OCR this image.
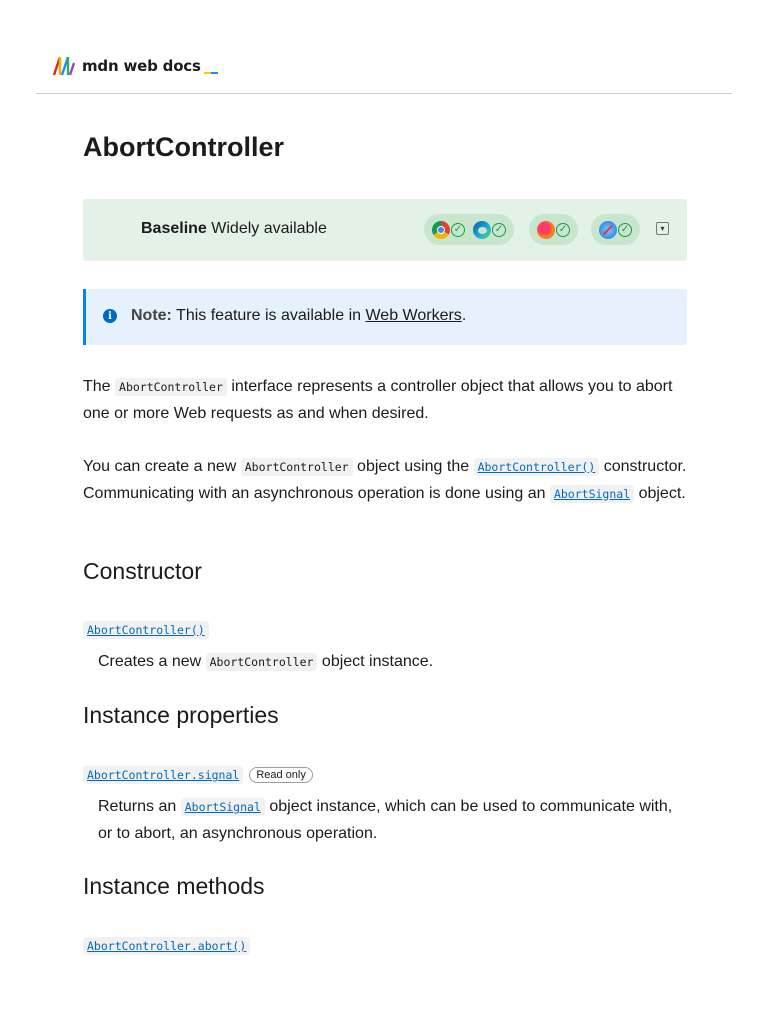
mdn web docs
AbortController
Baseline Widely available	✓	✓	✓	✓	▾
i	Note: This feature is available in Web Workers.

The AbortController interface represents a controller object that allows you to abort one or more Web requests as and when desired.

You can create a new AbortController object using the AbortController() constructor. Communicating with an asynchronous operation is done using an AbortSignal object.

Constructor
AbortController()

Creates a new AbortController object instance.

Instance properties
AbortController.signal Read only

Returns an AbortSignal object instance, which can be used to communicate with, or to abort, an asynchronous operation.

Instance methods
AbortController.abort()
